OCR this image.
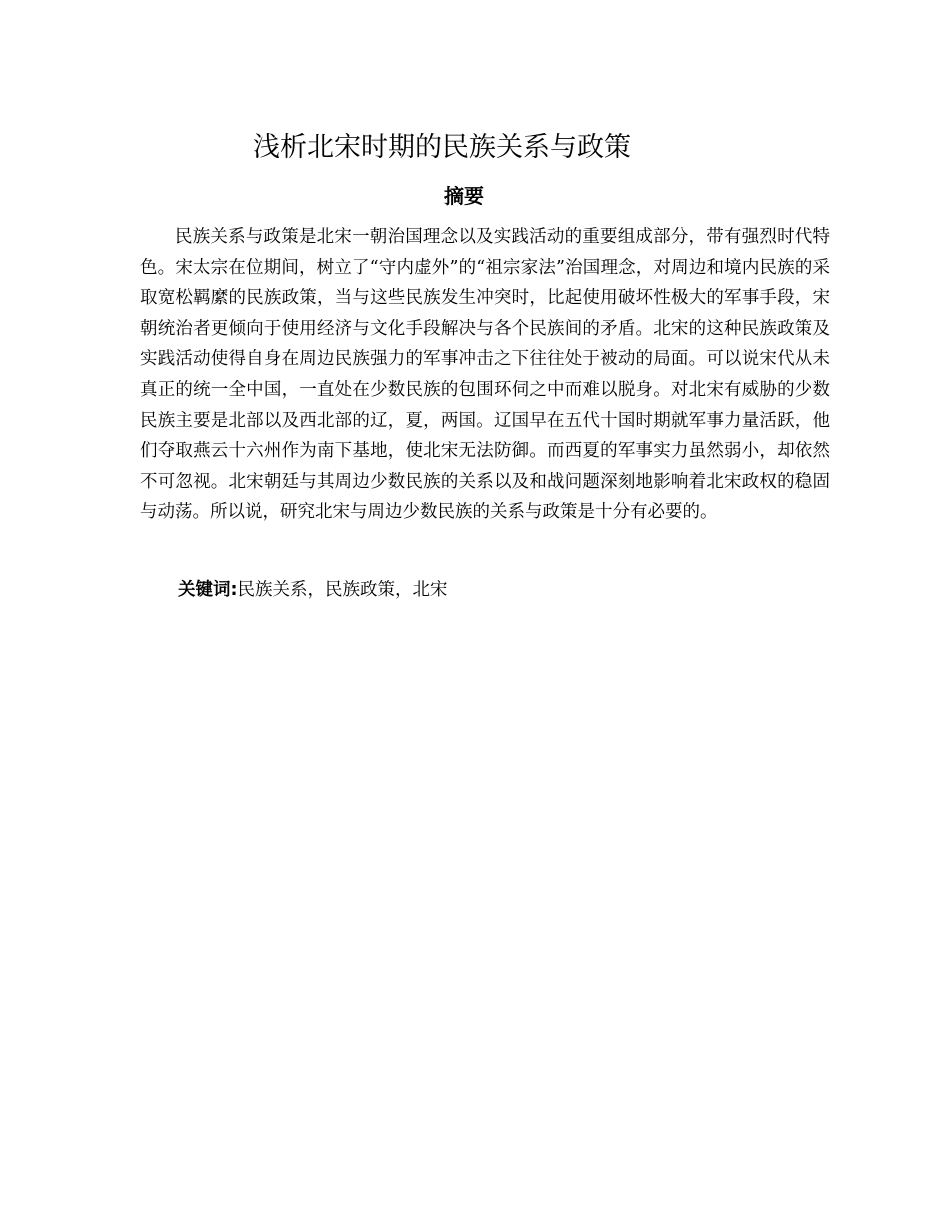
浅析北宋时期的民族关系与政策
摘要

民族关系与政策是北宋一朝治国理念以及实践活动的重要组成部分，带有强烈时代特色。宋太宗在位期间，树立了“守内虚外”的“祖宗家法”治国理念，对周边和境内民族的采取宽松羁縻的民族政策，当与这些民族发生冲突时，比起使用破坏性极大的军事手段，宋朝统治者更倾向于使用经济与文化手段解决与各个民族间的矛盾。北宋的这种民族政策及实践活动使得自身在周边民族强力的军事冲击之下往往处于被动的局面。可以说宋代从未真正的统一全中国，一直处在少数民族的包围环伺之中而难以脱身。对北宋有威胁的少数民族主要是北部以及西北部的辽，夏，两国。辽国早在五代十国时期就军事力量活跃，他们夺取燕云十六州作为南下基地，使北宋无法防御。而西夏的军事实力虽然弱小，却依然不可忽视。北宋朝廷与其周边少数民族的关系以及和战问题深刻地影响着北宋政权的稳固与动荡。所以说，研究北宋与周边少数民族的关系与政策是十分有必要的。

关键词:民族关系，民族政策，北宋
